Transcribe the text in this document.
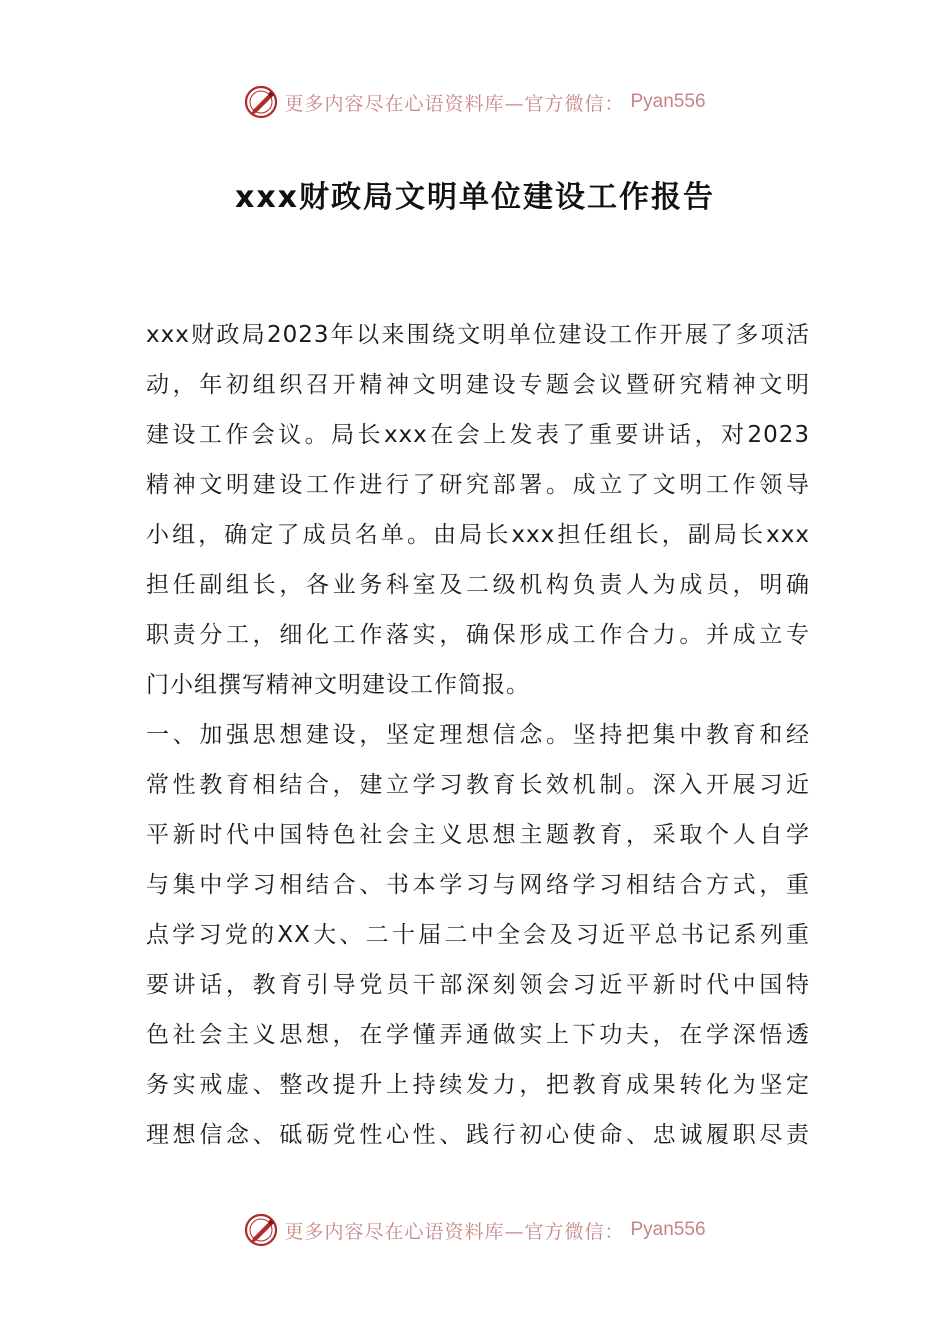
更多内容尽在心语资料库—官方微信： Pyan556
xxx财政局文明单位建设工作报告
xxx财政局2023年以来围绕文明单位建设工作开展了多项活
动，年初组织召开精神文明建设专题会议暨研究精神文明
建设工作会议。局长xxx在会上发表了重要讲话，对2023
精神文明建设工作进行了研究部署。成立了文明工作领导
小组，确定了成员名单。由局长xxx担任组长，副局长xxx
担任副组长，各业务科室及二级机构负责人为成员，明确
职责分工，细化工作落实，确保形成工作合力。并成立专
门小组撰写精神文明建设工作简报。
一、加强思想建设，坚定理想信念。坚持把集中教育和经
常性教育相结合，建立学习教育长效机制。深入开展习近
平新时代中国特色社会主义思想主题教育，采取个人自学
与集中学习相结合、书本学习与网络学习相结合方式，重
点学习党的XX大、二十届二中全会及习近平总书记系列重
要讲话，教育引导党员干部深刻领会习近平新时代中国特
色社会主义思想，在学懂弄通做实上下功夫，在学深悟透
务实戒虚、整改提升上持续发力，把教育成果转化为坚定
理想信念、砥砺党性心性、践行初心使命、忠诚履职尽责
更多内容尽在心语资料库—官方微信： Pyan556
